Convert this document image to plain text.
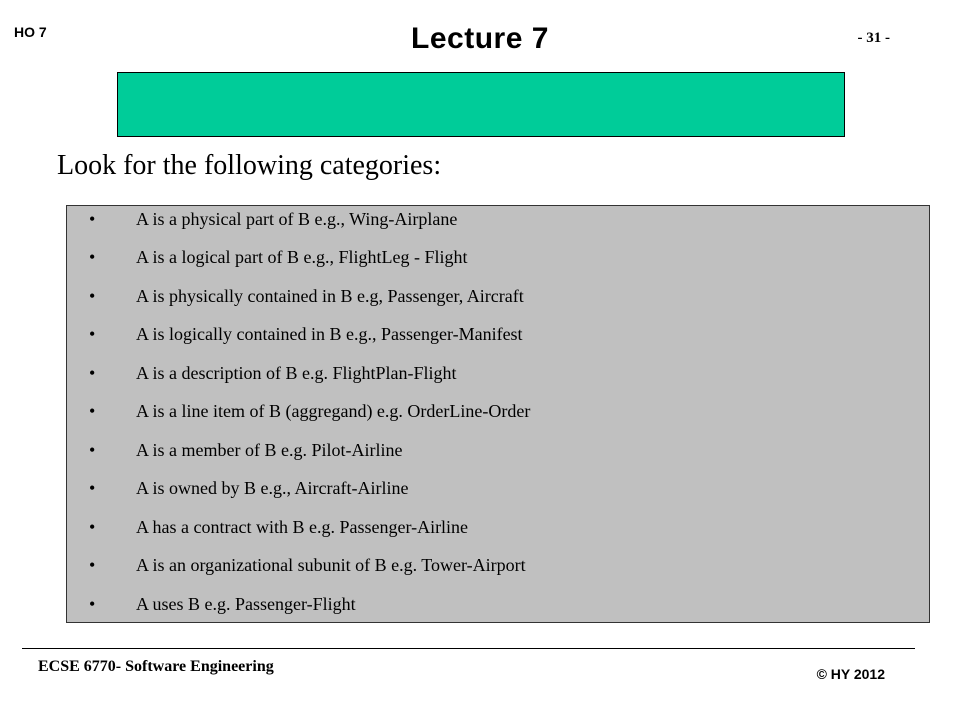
HO 7	Lecture 7	- 31 -
Look for the following categories:
• A is a physical part of B e.g., Wing-Airplane
• A is a logical part of B e.g., FlightLeg - Flight
• A is physically contained in B e.g, Passenger, Aircraft
• A is logically contained in B e.g., Passenger-Manifest
• A is a description of B e.g. FlightPlan-Flight
• A is a line item of B (aggregand) e.g. OrderLine-Order
• A is a member of B e.g. Pilot-Airline
• A is owned by B e.g., Aircraft-Airline
• A has a contract with B e.g. Passenger-Airline
• A is an organizational subunit of B e.g. Tower-Airport
• A uses B e.g. Passenger-Flight
ECSE 6770- Software Engineering	© HY 2012
